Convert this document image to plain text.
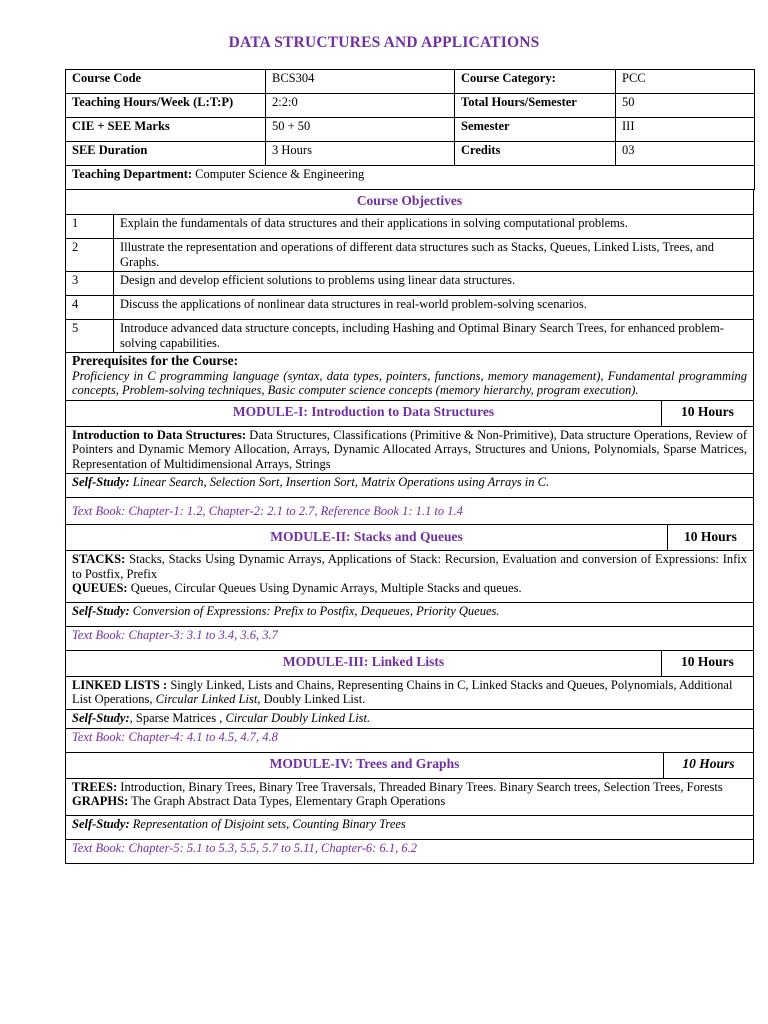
DATA STRUCTURES AND APPLICATIONS
Course Code	BCS304	Course Category:	PCC
Teaching Hours/Week (L:T:P)	2:2:0	Total Hours/Semester	50
CIE + SEE Marks	50 + 50	Semester	III
SEE Duration	3 Hours	Credits	03
Teaching Department: Computer Science & Engineering			
Course Objectives	
1	Explain the fundamentals of data structures and their applications in solving computational problems.
2	Illustrate the representation and operations of different data structures such as Stacks, Queues, Linked Lists, Trees, and Graphs.
3	Design and develop efficient solutions to problems using linear data structures.
4	Discuss the applications of nonlinear data structures in real-world problem-solving scenarios.
5	Introduce advanced data structure concepts, including Hashing and Optimal Binary Search Trees, for enhanced problem-solving capabilities.

Prerequisites for the Course:
Proficiency in C programming language (syntax, data types, pointers, functions, memory management), Fundamental programming concepts, Problem-solving techniques, Basic computer science concepts (memory hierarchy, program execution).	
MODULE-I: Introduction to Data Structures	10 Hours
Introduction to Data Structures: Data Structures, Classifications (Primitive & Non-Primitive), Data structure Operations, Review of Pointers and Dynamic Memory Allocation, Arrays, Dynamic Allocated Arrays, Structures and Unions, Polynomials, Sparse Matrices, Representation of Multidimensional Arrays, Strings
Self-Study: Linear Search, Selection Sort, Insertion Sort, Matrix Operations using Arrays in C.
Text Book: Chapter-1: 1.2, Chapter-2: 2.1 to 2.7, Reference Book 1: 1.1 to 1.4
MODULE-II: Stacks and Queues	10 Hours

STACKS: Stacks, Stacks Using Dynamic Arrays, Applications of Stack: Recursion, Evaluation and conversion of Expressions: Infix to Postfix, Prefix
QUEUES: Queues, Circular Queues Using Dynamic Arrays, Multiple Stacks and queues.

Self-Study: Conversion of Expressions: Prefix to Postfix, Dequeues, Priority Queues.
Text Book: Chapter-3: 3.1 to 3.4, 3.6, 3.7
MODULE-III: Linked Lists	10 Hours
LINKED LISTS : Singly Linked, Lists and Chains, Representing Chains in C, Linked Stacks and Queues, Polynomials, Additional List Operations, Circular Linked List, Doubly Linked List.
Self-Study:, Sparse Matrices , Circular Doubly Linked List.
Text Book: Chapter-4: 4.1 to 4.5, 4.7, 4.8
MODULE-IV: Trees and Graphs	10 Hours

TREES: Introduction, Binary Trees, Binary Tree Traversals, Threaded Binary Trees. Binary Search trees, Selection Trees, Forests
GRAPHS: The Graph Abstract Data Types, Elementary Graph Operations

Self-Study: Representation of Disjoint sets, Counting Binary Trees
Text Book: Chapter-5: 5.1 to 5.3, 5.5, 5.7 to 5.11, Chapter-6: 6.1, 6.2
